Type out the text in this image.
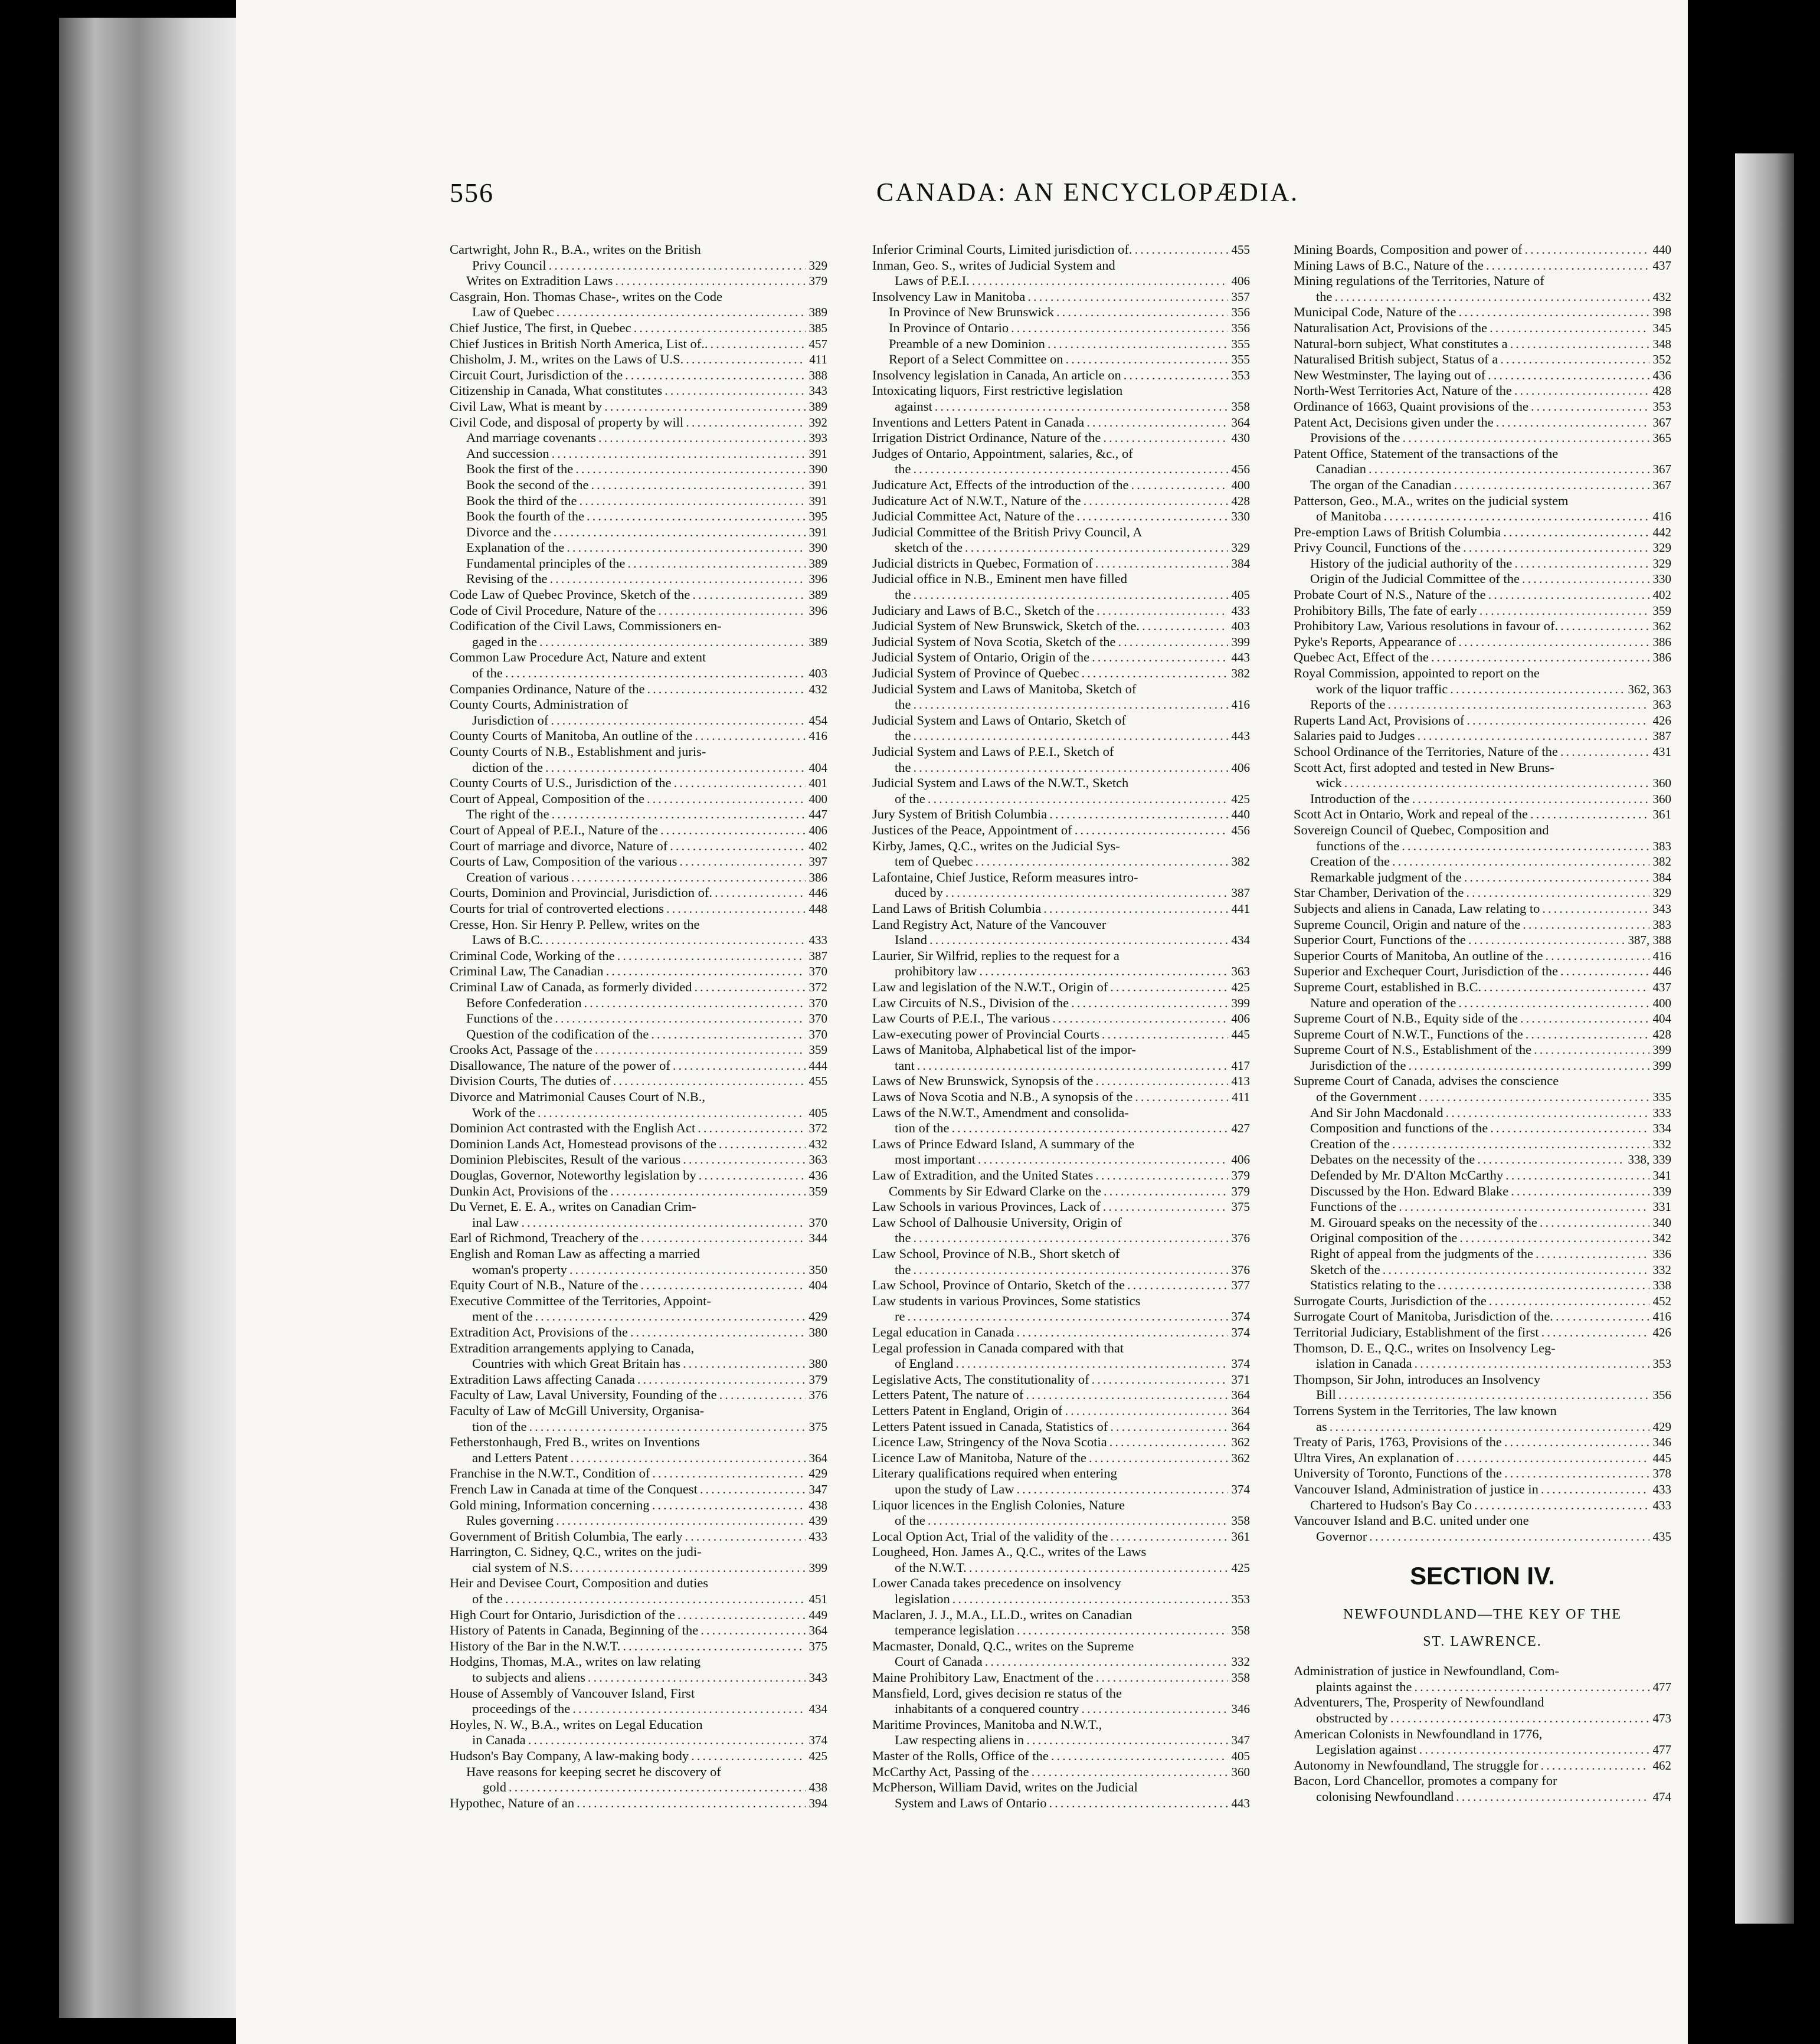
556	CANADA: AN ENCYCLOPÆDIA.
Cartwright, John R., B.A., writes on the British
Privy Council .....	329
Writes on Extradition Laws .....	379
Casgrain, Hon. Thomas Chase-, writes on the Code
Law of Quebec .....	389
Chief Justice, The first, in Quebec .....	385
Chief Justices in British North America, List of.. .....	457
Chisholm, J. M., writes on the Laws of U.S. .....	411
Circuit Court, Jurisdiction of the .....	388
Citizenship in Canada, What constitutes .....	343
Civil Law, What is meant by .....	389
Civil Code, and disposal of property by will .....	392
And marriage covenants .....	393
And succession .....	391
Book the first of the .....	390
Book the second of the .....	391
Book the third of the .....	391
Book the fourth of the .....	395
Divorce and the .....	391
Explanation of the .....	390
Fundamental principles of the .....	389
Revising of the .....	396
Code Law of Quebec Province, Sketch of the .....	389
Code of Civil Procedure, Nature of the .....	396
Codification of the Civil Laws, Commissioners en-
gaged in the .....	389
Common Law Procedure Act, Nature and extent
of the .....	403
Companies Ordinance, Nature of the .....	432
County Courts, Administration of
Jurisdiction of .....	454
County Courts of Manitoba, An outline of the .....	416
County Courts of N.B., Establishment and juris-
diction of the .....	404
County Courts of U.S., Jurisdiction of the .....	401
Court of Appeal, Composition of the .....	400
The right of the .....	447
Court of Appeal of P.E.I., Nature of the .....	406
Court of marriage and divorce, Nature of .....	402
Courts of Law, Composition of the various .....	397
Creation of various .....	386
Courts, Dominion and Provincial, Jurisdiction of. .....	446
Courts for trial of controverted elections .....	448
Cresse, Hon. Sir Henry P. Pellew, writes on the
Laws of B.C. .....	433
Criminal Code, Working of the .....	387
Criminal Law, The Canadian .....	370
Criminal Law of Canada, as formerly divided .....	372
Before Confederation .....	370
Functions of the .....	370
Question of the codification of the .....	370
Crooks Act, Passage of the .....	359
Disallowance, The nature of the power of .....	444
Division Courts, The duties of .....	455
Divorce and Matrimonial Causes Court of N.B.,
Work of the .....	405
Dominion Act contrasted with the English Act .....	372
Dominion Lands Act, Homestead provisons of the .....	432
Dominion Plebiscites, Result of the various .....	363
Douglas, Governor, Noteworthy legislation by .....	436
Dunkin Act, Provisions of the .....	359
Du Vernet, E. E. A., writes on Canadian Crim-
inal Law .....	370
Earl of Richmond, Treachery of the .....	344
English and Roman Law as affecting a married
woman's property .....	350
Equity Court of N.B., Nature of the .....	404
Executive Committee of the Territories, Appoint-
ment of the .....	429
Extradition Act, Provisions of the .....	380
Extradition arrangements applying to Canada,
Countries with which Great Britain has .....	380
Extradition Laws affecting Canada .....	379
Faculty of Law, Laval University, Founding of the .....	376
Faculty of Law of McGill University, Organisa-
tion of the .....	375
Fetherstonhaugh, Fred B., writes on Inventions
and Letters Patent .....	364
Franchise in the N.W.T., Condition of .....	429
French Law in Canada at time of the Conquest .....	347
Gold mining, Information concerning .....	438
Rules governing .....	439
Government of British Columbia, The early .....	433
Harrington, C. Sidney, Q.C., writes on the judi-
cial system of N.S. .....	399
Heir and Devisee Court, Composition and duties
of the .....	451
High Court for Ontario, Jurisdiction of the .....	449
History of Patents in Canada, Beginning of the .....	364
History of the Bar in the N.W.T. .....	375
Hodgins, Thomas, M.A., writes on law relating
to subjects and aliens .....	343
House of Assembly of Vancouver Island, First
proceedings of the .....	434
Hoyles, N. W., B.A., writes on Legal Education
in Canada .....	374
Hudson's Bay Company, A law-making body .....	425
Have reasons for keeping secret he discovery of
gold .....	438
Hypothec, Nature of an .....	394
Inferior Criminal Courts, Limited jurisdiction of. .....	455
Inman, Geo. S., writes of Judicial System and
Laws of P.E.I. .....	406
Insolvency Law in Manitoba .....	357
In Province of New Brunswick .....	356
In Province of Ontario .....	356
Preamble of a new Dominion .....	355
Report of a Select Committee on .....	355
Insolvency legislation in Canada, An article on .....	353
Intoxicating liquors, First restrictive legislation
against .....	358
Inventions and Letters Patent in Canada .....	364
Irrigation District Ordinance, Nature of the .....	430
Judges of Ontario, Appointment, salaries, &c., of
the .....	456
Judicature Act, Effects of the introduction of the .....	400
Judicature Act of N.W.T., Nature of the .....	428
Judicial Committee Act, Nature of the .....	330
Judicial Committee of the British Privy Council, A
sketch of the .....	329
Judicial districts in Quebec, Formation of .....	384
Judicial office in N.B., Eminent men have filled
the .....	405
Judiciary and Laws of B.C., Sketch of the .....	433
Judicial System of New Brunswick, Sketch of the. .....	403
Judicial System of Nova Scotia, Sketch of the .....	399
Judicial System of Ontario, Origin of the .....	443
Judicial System of Province of Quebec .....	382
Judicial System and Laws of Manitoba, Sketch of
the .....	416
Judicial System and Laws of Ontario, Sketch of
the .....	443
Judicial System and Laws of P.E.I., Sketch of
the .....	406
Judicial System and Laws of the N.W.T., Sketch
of the .....	425
Jury System of British Columbia .....	440
Justices of the Peace, Appointment of .....	456
Kirby, James, Q.C., writes on the Judicial Sys-
tem of Quebec .....	382
Lafontaine, Chief Justice, Reform measures intro-
duced by .....	387
Land Laws of British Columbia .....	441
Land Registry Act, Nature of the Vancouver
Island .....	434
Laurier, Sir Wilfrid, replies to the request for a
prohibitory law .....	363
Law and legislation of the N.W.T., Origin of .....	425
Law Circuits of N.S., Division of the .....	399
Law Courts of P.E.I., The various .....	406
Law-executing power of Provincial Courts .....	445
Laws of Manitoba, Alphabetical list of the impor-
tant .....	417
Laws of New Brunswick, Synopsis of the .....	413
Laws of Nova Scotia and N.B., A synopsis of the .....	411
Laws of the N.W.T., Amendment and consolida-
tion of the .....	427
Laws of Prince Edward Island, A summary of the
most important .....	406
Law of Extradition, and the United States .....	379
Comments by Sir Edward Clarke on the .....	379
Law Schools in various Provinces, Lack of .....	375
Law School of Dalhousie University, Origin of
the .....	376
Law School, Province of N.B., Short sketch of
the .....	376
Law School, Province of Ontario, Sketch of the .....	377
Law students in various Provinces, Some statistics
re .....	374
Legal education in Canada .....	374
Legal profession in Canada compared with that
of England .....	374
Legislative Acts, The constitutionality of .....	371
Letters Patent, The nature of .....	364
Letters Patent in England, Origin of .....	364
Letters Patent issued in Canada, Statistics of .....	364
Licence Law, Stringency of the Nova Scotia .....	362
Licence Law of Manitoba, Nature of the .....	362
Literary qualifications required when entering
upon the study of Law .....	374
Liquor licences in the English Colonies, Nature
of the .....	358
Local Option Act, Trial of the validity of the .....	361
Lougheed, Hon. James A., Q.C., writes of the Laws
of the N.W.T. .....	425
Lower Canada takes precedence on insolvency
legislation .....	353
Maclaren, J. J., M.A., LL.D., writes on Canadian
temperance legislation .....	358
Macmaster, Donald, Q.C., writes on the Supreme
Court of Canada .....	332
Maine Prohibitory Law, Enactment of the .....	358
Mansfield, Lord, gives decision re status of the
inhabitants of a conquered country .....	346
Maritime Provinces, Manitoba and N.W.T.,
Law respecting aliens in .....	347
Master of the Rolls, Office of the .....	405
McCarthy Act, Passing of the .....	360
McPherson, William David, writes on the Judicial
System and Laws of Ontario .....	443
Mining Boards, Composition and power of .....	440
Mining Laws of B.C., Nature of the .....	437
Mining regulations of the Territories, Nature of
the .....	432
Municipal Code, Nature of the .....	398
Naturalisation Act, Provisions of the .....	345
Natural-born subject, What constitutes a .....	348
Naturalised British subject, Status of a .....	352
New Westminster, The laying out of .....	436
North-West Territories Act, Nature of the .....	428
Ordinance of 1663, Quaint provisions of the .....	353
Patent Act, Decisions given under the .....	367
Provisions of the .....	365
Patent Office, Statement of the transactions of the
Canadian .....	367
The organ of the Canadian .....	367
Patterson, Geo., M.A., writes on the judicial system
of Manitoba .....	416
Pre-emption Laws of British Columbia .....	442
Privy Council, Functions of the .....	329
History of the judicial authority of the .....	329
Origin of the Judicial Committee of the .....	330
Probate Court of N.S., Nature of the .....	402
Prohibitory Bills, The fate of early .....	359
Prohibitory Law, Various resolutions in favour of. .....	362
Pyke's Reports, Appearance of .....	386
Quebec Act, Effect of the .....	386
Royal Commission, appointed to report on the
work of the liquor traffic .....	362, 363
Reports of the .....	363
Ruperts Land Act, Provisions of .....	426
Salaries paid to Judges .....	387
School Ordinance of the Territories, Nature of the .....	431
Scott Act, first adopted and tested in New Bruns-
wick .....	360
Introduction of the .....	360
Scott Act in Ontario, Work and repeal of the .....	361
Sovereign Council of Quebec, Composition and
functions of the .....	383
Creation of the .....	382
Remarkable judgment of the .....	384
Star Chamber, Derivation of the .....	329
Subjects and aliens in Canada, Law relating to .....	343
Supreme Council, Origin and nature of the .....	383
Superior Court, Functions of the .....	387, 388
Superior Courts of Manitoba, An outline of the .....	416
Superior and Exchequer Court, Jurisdiction of the .....	446
Supreme Court, established in B.C. .....	437
Nature and operation of the .....	400
Supreme Court of N.B., Equity side of the .....	404
Supreme Court of N.W.T., Functions of the .....	428
Supreme Court of N.S., Establishment of the .....	399
Jurisdiction of the .....	399
Supreme Court of Canada, advises the conscience
of the Government .....	335
And Sir John Macdonald .....	333
Composition and functions of the .....	334
Creation of the .....	332
Debates on the necessity of the .....	338, 339
Defended by Mr. D'Alton McCarthy .....	341
Discussed by the Hon. Edward Blake .....	339
Functions of the .....	331
M. Girouard speaks on the necessity of the .....	340
Original composition of the .....	342
Right of appeal from the judgments of the .....	336
Sketch of the .....	332
Statistics relating to the .....	338
Surrogate Courts, Jurisdiction of the .....	452
Surrogate Court of Manitoba, Jurisdiction of the. .....	416
Territorial Judiciary, Establishment of the first .....	426
Thomson, D. E., Q.C., writes on Insolvency Leg-
islation in Canada .....	353
Thompson, Sir John, introduces an Insolvency
Bill .....	356
Torrens System in the Territories, The law known
as .....	429
Treaty of Paris, 1763, Provisions of the .....	346
Ultra Vires, An explanation of .....	445
University of Toronto, Functions of the .....	378
Vancouver Island, Administration of justice in .....	433
Chartered to Hudson's Bay Co .....	433
Vancouver Island and B.C. united under one
Governor .....	435
SECTION IV.
NEWFOUNDLAND—THE KEY OF THE
ST. LAWRENCE.
Administration of justice in Newfoundland, Com-
plaints against the .....	477
Adventurers, The, Prosperity of Newfoundland
obstructed by .....	473
American Colonists in Newfoundland in 1776,
Legislation against .....	477
Autonomy in Newfoundland, The struggle for .....	462
Bacon, Lord Chancellor, promotes a company for
colonising Newfoundland .....	474
